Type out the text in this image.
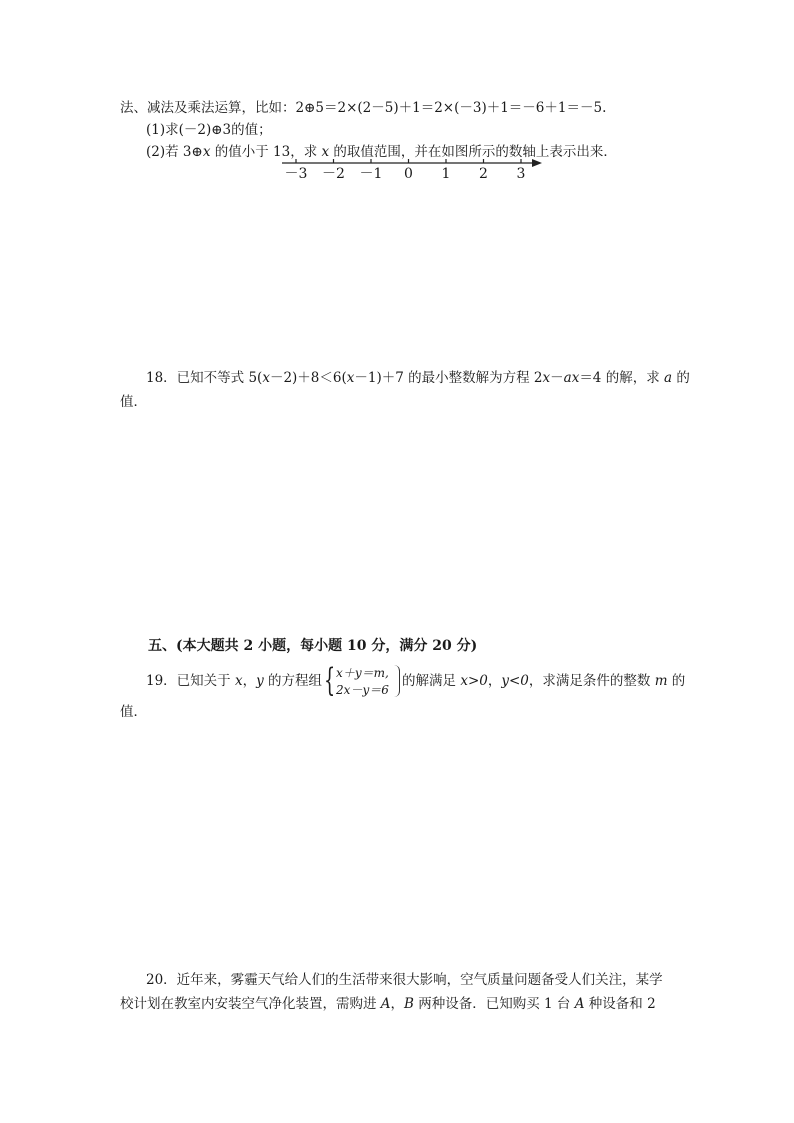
法、减法及乘法运算，比如：2⊕5＝2×(2－5)＋1＝2×(－3)＋1＝－6＋1＝－5.
(1)求(－2)⊕3的值；
(2)若 3⊕x 的值小于 13，求 x 的取值范围，并在如图所示的数轴上表示出来．
－3 －2 －1 0 1 2 3
18．已知不等式 5(x－2)＋8＜6(x－1)＋7 的最小整数解为方程 2x－ax＝4 的解，求 a 的
值．
五、(本大题共 2 小题，每小题 10 分，满分 20 分)
19．已知关于 x，y 的方程组 { x＋y＝m,
2x－y＝6
的解满足 x>0，y<0，求满足条件的整数 m 的
值．
20．近年来，雾霾天气给人们的生活带来很大影响，空气质量问题备受人们关注，某学
校计划在教室内安装空气净化装置，需购进 A，B 两种设备．已知购买 1 台 A 种设备和 2
